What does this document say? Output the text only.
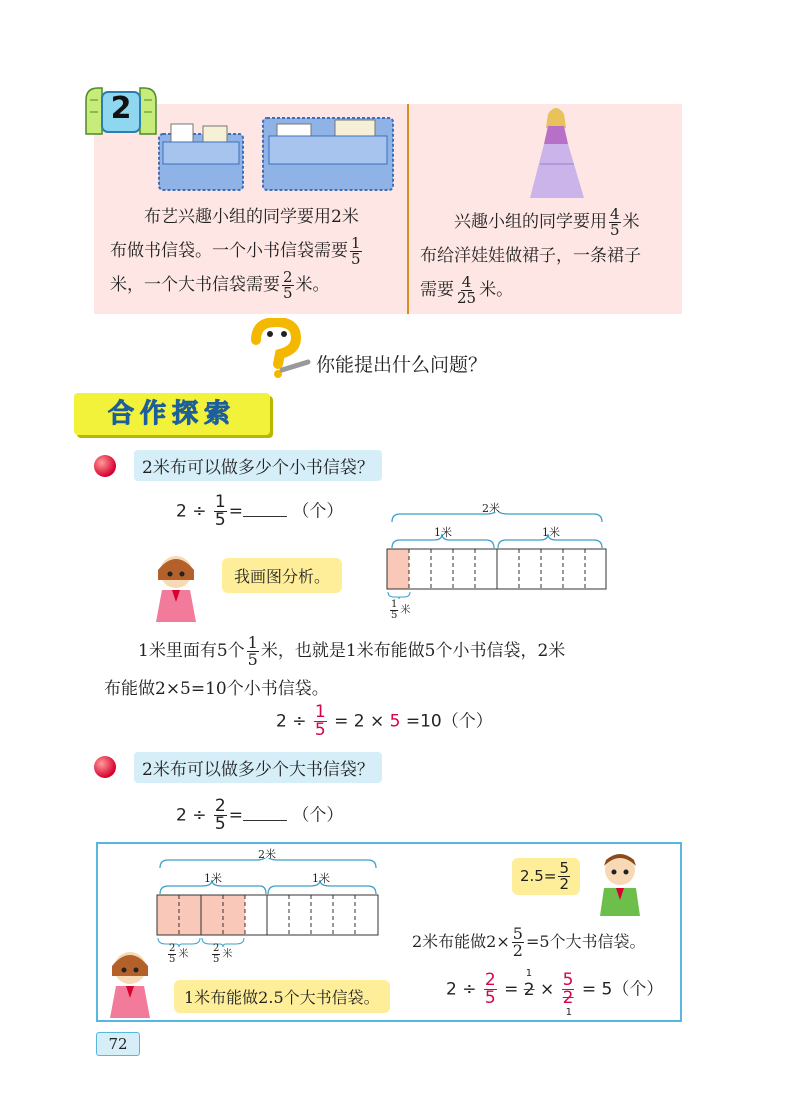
2
布艺兴趣小组的同学要用2米
布做书信袋。一个小书信袋需要 $\frac{1}{5}$
米，一个大书信袋需要 $\frac{2}{5}$ 米。
兴趣小组的同学要用 $\frac{4}{5}$ 米
布给洋娃娃做裙子，一条裙子
需要 $\frac{4}{25}$ 米。
你能提出什么问题？
合作探索
2米布可以做多少个小书信袋？
$2 \div \frac{1}{5}$ =	（个）
我画图分析。
2米
1米	1米
$\frac{1}{5}$ 米
1米里面有5个 $\frac{1}{5}$ 米，也就是1米布能做5个小书信袋，2米
布能做2×5=10个小书信袋。
$2 \div \frac{1}{5} = 2 \times 5 =10$（个）
2米布可以做多少个大书信袋？
$2 \div \frac{2}{5}$ =	（个）
2米
1米	1米
$\frac{2}{5}$ 米 $\frac{2}{5}$ 米
1米布能做2.5个大书信袋。
$2.5= \frac{5}{2}$
2米布能做$2\times \frac{5}{2} =5$个大书信袋。
$2 \div \frac{2}{5}$ =
1
2 × 5
2
1
= 5（个）
72
